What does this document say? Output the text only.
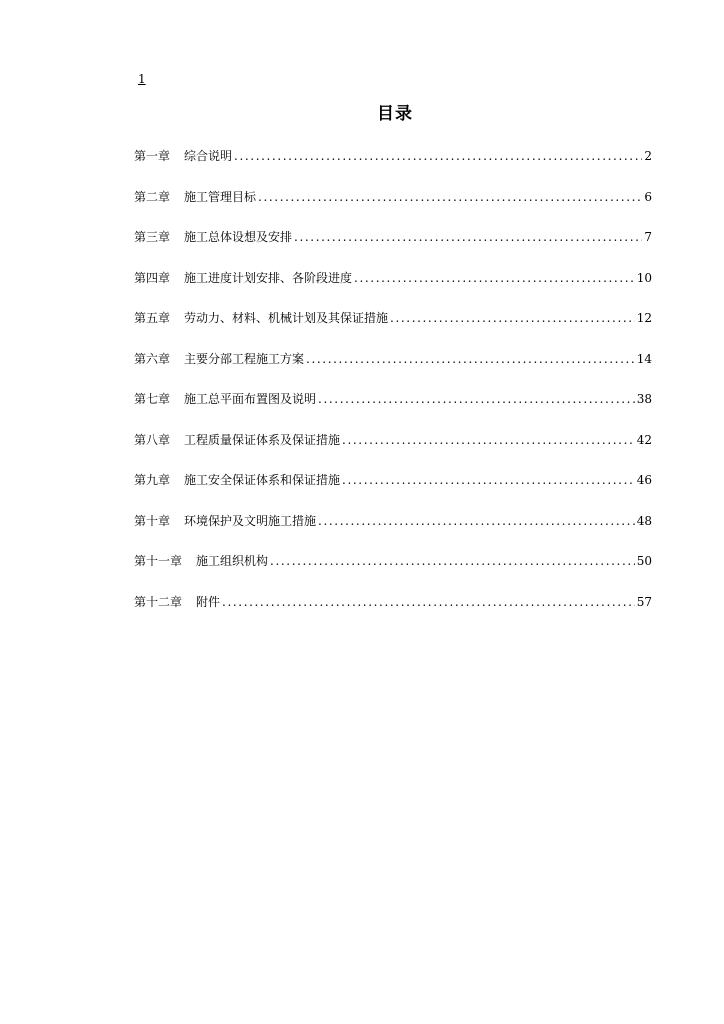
1
目录
第一章	综合说明 .....	2
第二章	施工管理目标 .....	6
第三章	施工总体设想及安排 .....	7
第四章	施工进度计划安排、各阶段进度 .....	10
第五章	劳动力、材料、机械计划及其保证措施 .....	12
第六章	主要分部工程施工方案 .....	14
第七章	施工总平面布置图及说明 .....	38
第八章	工程质量保证体系及保证措施 .....	42
第九章	施工安全保证体系和保证措施 .....	46
第十章	环境保护及文明施工措施 .....	48
第十一章	施工组织机构 .....	50
第十二章	附件 .....	57
